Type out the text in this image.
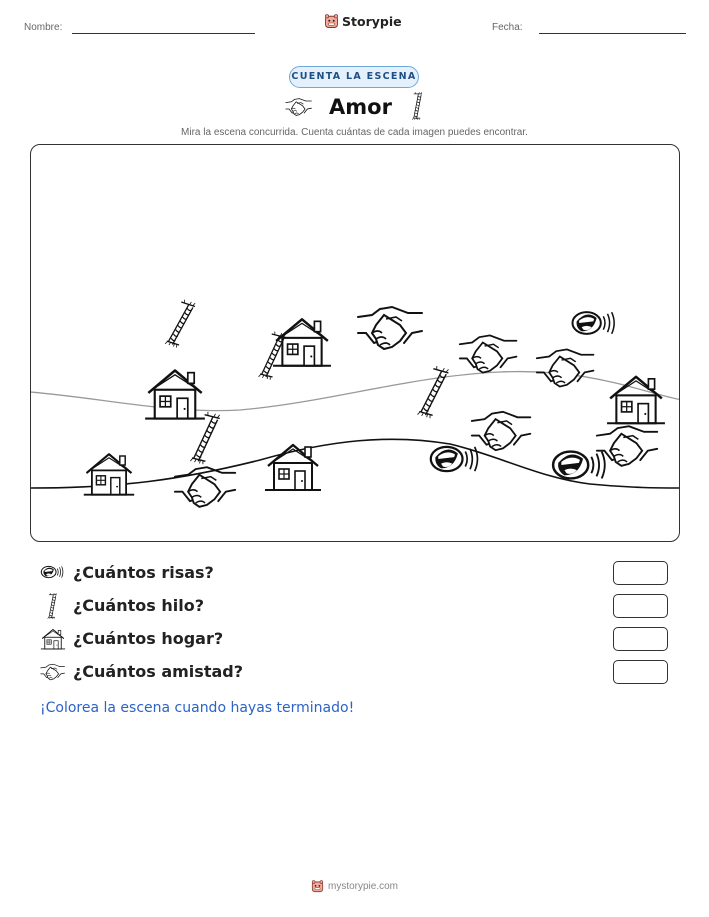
Nombre:	Storypie	Fecha:
CUENTA LA ESCENA
Amor
Mira la escena concurrida. Cuenta cuántas de cada imagen puedes encontrar.
¿Cuántos risas?
¿Cuántos hilo?
¿Cuántos hogar?
¿Cuántos amistad?
¡Colorea la escena cuando hayas terminado!
mystorypie.com
